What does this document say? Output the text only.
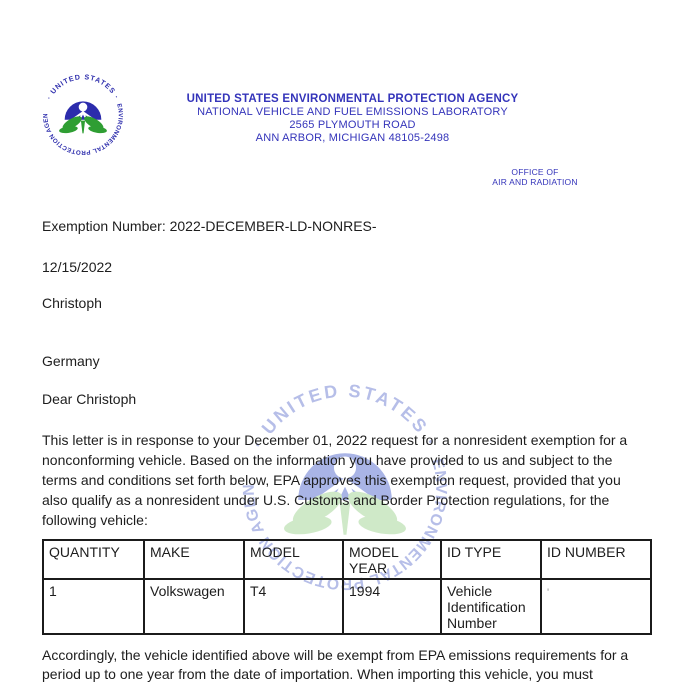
UNITED STATES ENVIRONMENTAL PROTECTION AGENCY
NATIONAL VEHICLE AND FUEL EMISSIONS LABORATORY
2565 PLYMOUTH ROAD
ANN ARBOR, MICHIGAN 48105-2498
OFFICE OF
AIR AND RADIATION
Exemption Number: 2022-DECEMBER-LD-NONRES-
12/15/2022
Christoph
Germany
Dear Christoph
This letter is in response to your December 01, 2022 request for a nonresident exemption for a nonconforming vehicle. Based on the information you have provided to us and subject to the terms and conditions set forth below, EPA approves this exemption request, provided that you also qualify as a nonresident under U.S. Customs and Border Protection regulations, for the following vehicle:
QUANTITY	MAKE	MODEL	MODEL YEAR	ID TYPE	ID NUMBER
1	Volkswagen	T4	1994	Vehicle Identification Number	'
Accordingly, the vehicle identified above will be exempt from EPA emissions requirements for a period up to one year from the date of importation. When importing this vehicle, you must
